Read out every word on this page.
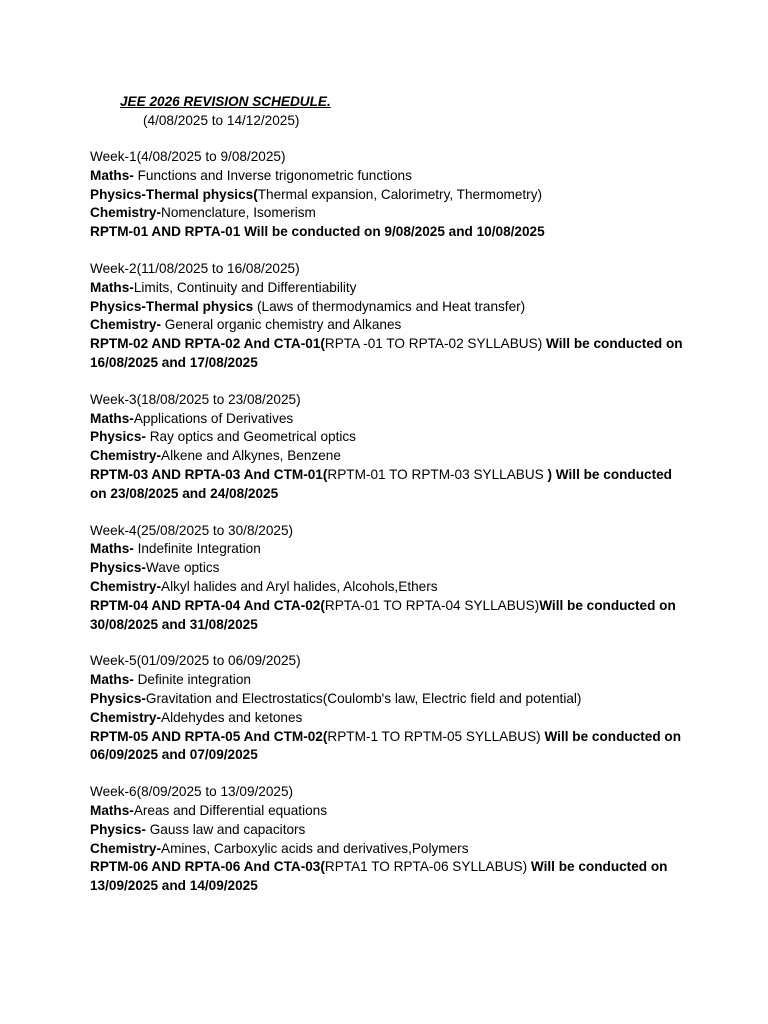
JEE 2026 REVISION SCHEDULE.
(4/08/2025 to 14/12/2025)
Week-1(4/08/2025 to 9/08/2025)
Maths- Functions and Inverse trigonometric functions
Physics-Thermal physics(Thermal expansion, Calorimetry, Thermometry)
Chemistry-Nomenclature, Isomerism
RPTM-01 AND RPTA-01 Will be conducted on 9/08/2025 and 10/08/2025
Week-2(11/08/2025 to 16/08/2025)
Maths-Limits, Continuity and Differentiability
Physics-Thermal physics (Laws of thermodynamics and Heat transfer)
Chemistry- General organic chemistry and Alkanes
RPTM-02 AND RPTA-02 And CTA-01(RPTA -01 TO RPTA-02 SYLLABUS) Will be conducted on 16/08/2025 and 17/08/2025
Week-3(18/08/2025 to 23/08/2025)
Maths-Applications of Derivatives
Physics- Ray optics and Geometrical optics
Chemistry-Alkene and Alkynes, Benzene
RPTM-03 AND RPTA-03 And CTM-01(RPTM-01 TO RPTM-03 SYLLABUS ) Will be conducted on 23/08/2025 and 24/08/2025
Week-4(25/08/2025 to 30/8/2025)
Maths- Indefinite Integration
Physics-Wave optics
Chemistry-Alkyl halides and Aryl halides, Alcohols,Ethers
RPTM-04 AND RPTA-04 And CTA-02(RPTA-01 TO RPTA-04 SYLLABUS)Will be conducted on 30/08/2025 and 31/08/2025
Week-5(01/09/2025 to 06/09/2025)
Maths- Definite integration
Physics-Gravitation and Electrostatics(Coulomb's law, Electric field and potential)
Chemistry-Aldehydes and ketones
RPTM-05 AND RPTA-05 And CTM-02(RPTM-1 TO RPTM-05 SYLLABUS) Will be conducted on 06/09/2025 and 07/09/2025
Week-6(8/09/2025 to 13/09/2025)
Maths-Areas and Differential equations
Physics- Gauss law and capacitors
Chemistry-Amines, Carboxylic acids and derivatives,Polymers
RPTM-06 AND RPTA-06 And CTA-03(RPTA1 TO RPTA-06 SYLLABUS) Will be conducted on 13/09/2025 and 14/09/2025
